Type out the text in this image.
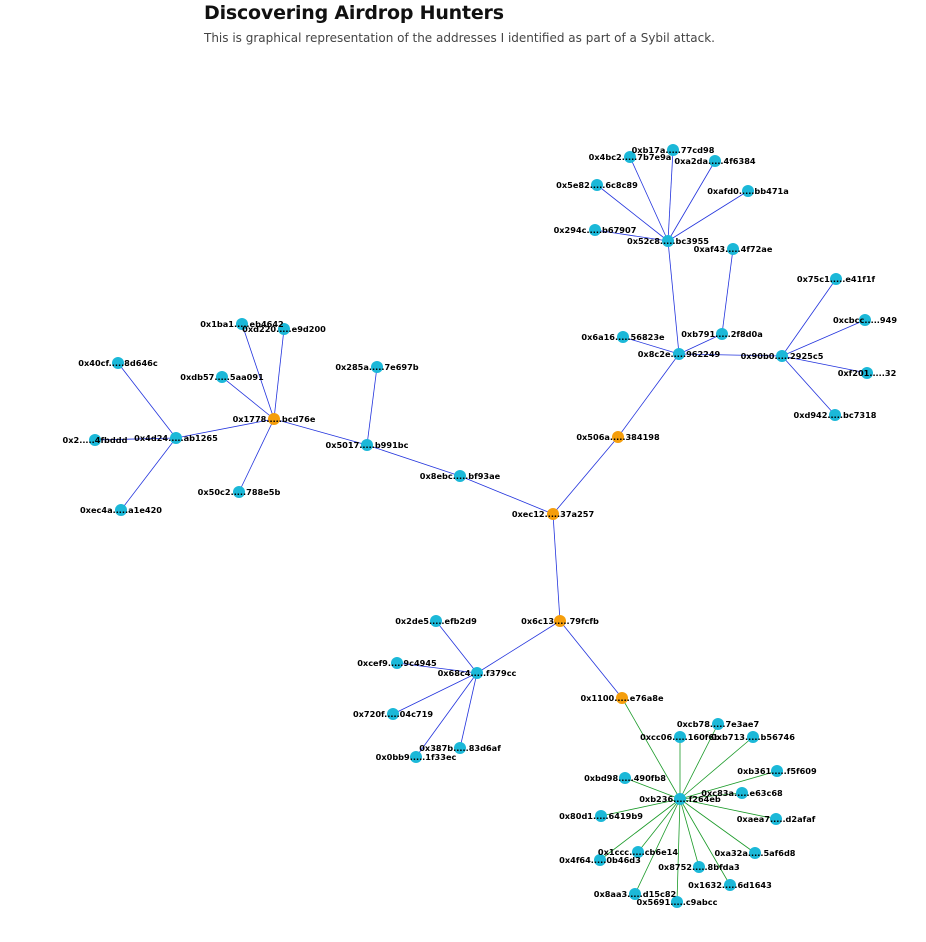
Discovering Airdrop Hunters

This is graphical representation of the addresses I identified as part of a Sybil attack.

0xec12.....37a257
0x506a.....384198
0x6c13.....79fcfb
0x1100.....e76a8e
0x1778.....bcd76e
0x8ebc.....bf93ae
0x5017.....b991bc
0x285a.....7e697b
0x4d24.....ab1265
0x40cf.....8d646c
0x2.....4fbddd
0xec4a.....a1e420
0x1ba1.....eb4642
0xd220.....e9d200
0xdb57.....5aa091
0x50c2.....788e5b
0x8c2e.....962249
0x6a16.....56823e 0xb791.....2f8d0a
0xaf43.....4f72ae
0x52c8.....bc3955
0xb17a.....77cd98
0x4bc2.....7b7e9a 0xa2da.....4f6384
0x5e82.....6c8c89
0xafd0.....bb471a
0x294c.....b67907
0x90b0.....2925c5
0x75c1.....e41f1f
0xcbcc.....949
0xf201.....32
0xd942.....bc7318
0x68c4.....f379cc
0x2de5.....efb2d9
0xcef9.....9c4945
0x720f.....04c719
0x387b.....83d6af
0x0bb9.....1f33ec
0xb236.....f264eb
0xcb78.....7e3ae7
0xcc06.....160f6b
0xb713.....b56746
0xbd98.....490fb8
0xb361.....f5f609
0xc83a.....e63c68
0x80d1.....6419b9	0xaea7.....d2afaf
0x1ccc.....cb6e14	0xa32a.....5af6d8
0x4f64.....0b46d3
0x8752.....8bfda3
0x1632.....6d1643
0x8aa3.....d15c82
0x5691.....c9abcc
